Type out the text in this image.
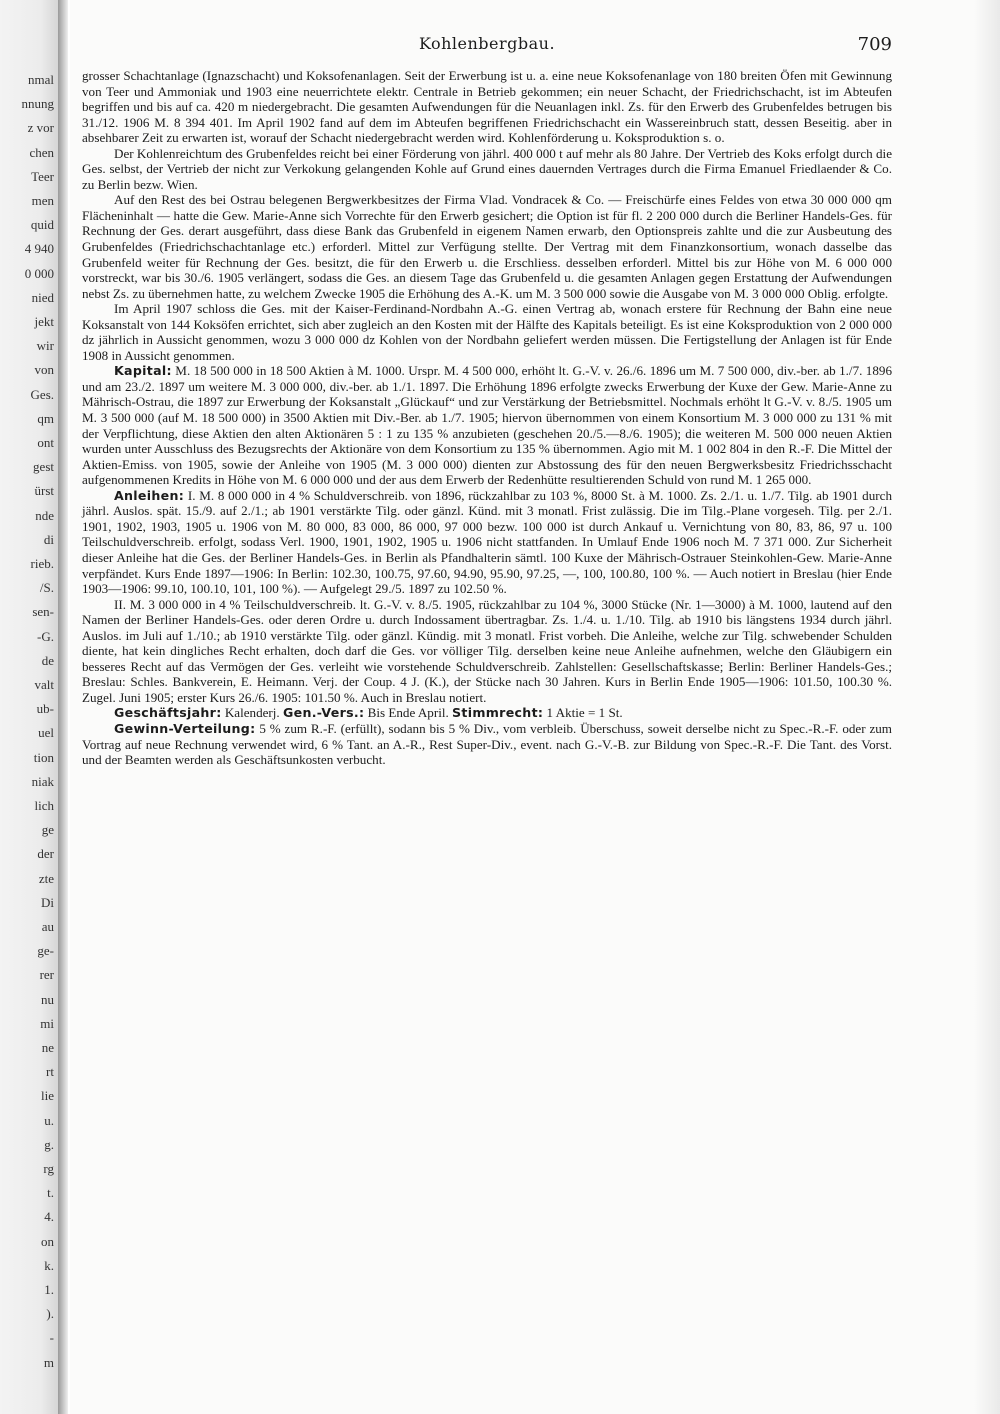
nmal
nnung
z vor
chen
Teer
men
quid
4 940
0 000
nied
jekt
wir
von
Ges.
qm
ont
gest
ürst
nde
di
rieb.
/S.
sen-
-G.
de
valt
ub-
uel
tion
niak
lich
ge
der
zte
Di
au
ge-
rer
nu
mi
ne
rt
lie
u.
g.
rg
t.
4.
on
k.
1.
).
-
m
Kohlenbergbau.	709

grosser Schachtanlage (Ignazschacht) und Koksofenanlagen. Seit der Erwerbung ist u. a. eine neue Koksofenanlage von 180 breiten Öfen mit Gewinnung von Teer und Ammoniak und 1903 eine neuerrichtete elektr. Centrale in Betrieb gekommen; ein neuer Schacht, der Friedrichschacht, ist im Abteufen begriffen und bis auf ca. 420 m niedergebracht. Die gesamten Aufwendungen für die Neuanlagen inkl. Zs. für den Erwerb des Grubenfeldes betrugen bis 31./12. 1906 M. 8 394 401. Im April 1902 fand auf dem im Abteufen begriffenen Friedrichschacht ein Wassereinbruch statt, dessen Beseitig. aber in absehbarer Zeit zu erwarten ist, worauf der Schacht niedergebracht werden wird. Kohlenförderung u. Koksproduktion s. o.

Der Kohlenreichtum des Grubenfeldes reicht bei einer Förderung von jährl. 400 000 t auf mehr als 80 Jahre. Der Vertrieb des Koks erfolgt durch die Ges. selbst, der Vertrieb der nicht zur Verkokung gelangenden Kohle auf Grund eines dauernden Vertrages durch die Firma Emanuel Friedlaender & Co. zu Berlin bezw. Wien.

Auf den Rest des bei Ostrau belegenen Bergwerkbesitzes der Firma Vlad. Vondracek & Co. — Freischürfe eines Feldes von etwa 30 000 000 qm Flächeninhalt — hatte die Gew. Marie-Anne sich Vorrechte für den Erwerb gesichert; die Option ist für fl. 2 200 000 durch die Berliner Handels-Ges. für Rechnung der Ges. derart ausgeführt, dass diese Bank das Grubenfeld in eigenem Namen erwarb, den Optionspreis zahlte und die zur Ausbeutung des Grubenfeldes (Friedrichschachtanlage etc.) erforderl. Mittel zur Verfügung stellte. Der Vertrag mit dem Finanzkonsortium, wonach dasselbe das Grubenfeld weiter für Rechnung der Ges. besitzt, die für den Erwerb u. die Erschliess. desselben erforderl. Mittel bis zur Höhe von M. 6 000 000 vorstreckt, war bis 30./6. 1905 verlängert, sodass die Ges. an diesem Tage das Grubenfeld u. die gesamten Anlagen gegen Erstattung der Aufwendungen nebst Zs. zu übernehmen hatte, zu welchem Zwecke 1905 die Erhöhung des A.-K. um M. 3 500 000 sowie die Ausgabe von M. 3 000 000 Oblig. erfolgte.

Im April 1907 schloss die Ges. mit der Kaiser-Ferdinand-Nordbahn A.-G. einen Vertrag ab, wonach erstere für Rechnung der Bahn eine neue Koksanstalt von 144 Koksöfen errichtet, sich aber zugleich an den Kosten mit der Hälfte des Kapitals beteiligt. Es ist eine Koksproduktion von 2 000 000 dz jährlich in Aussicht genommen, wozu 3 000 000 dz Kohlen von der Nordbahn geliefert werden müssen. Die Fertigstellung der Anlagen ist für Ende 1908 in Aussicht genommen.

Kapital: M. 18 500 000 in 18 500 Aktien à M. 1000. Urspr. M. 4 500 000, erhöht lt. G.-V. v. 26./6. 1896 um M. 7 500 000, div.-ber. ab 1./7. 1896 und am 23./2. 1897 um weitere M. 3 000 000, div.-ber. ab 1./1. 1897. Die Erhöhung 1896 erfolgte zwecks Erwerbung der Kuxe der Gew. Marie-Anne zu Mährisch-Ostrau, die 1897 zur Erwerbung der Koksanstalt „Glückauf“ und zur Verstärkung der Betriebsmittel. Nochmals erhöht lt G.-V. v. 8./5. 1905 um M. 3 500 000 (auf M. 18 500 000) in 3500 Aktien mit Div.-Ber. ab 1./7. 1905; hiervon übernommen von einem Konsortium M. 3 000 000 zu 131 % mit der Verpflichtung, diese Aktien den alten Aktionären 5 : 1 zu 135 % anzubieten (geschehen 20./5.—8./6. 1905); die weiteren M. 500 000 neuen Aktien wurden unter Ausschluss des Bezugsrechts der Aktionäre von dem Konsortium zu 135 % übernommen. Agio mit M. 1 002 804 in den R.-F. Die Mittel der Aktien-Emiss. von 1905, sowie der Anleihe von 1905 (M. 3 000 000) dienten zur Abstossung des für den neuen Bergwerksbesitz Friedrichsschacht aufgenommenen Kredits in Höhe von M. 6 000 000 und der aus dem Erwerb der Redenhütte resultierenden Schuld von rund M. 1 265 000.

Anleihen: I. M. 8 000 000 in 4 % Schuldverschreib. von 1896, rückzahlbar zu 103 %, 8000 St. à M. 1000. Zs. 2./1. u. 1./7. Tilg. ab 1901 durch jährl. Auslos. spät. 15./9. auf 2./1.; ab 1901 verstärkte Tilg. oder gänzl. Künd. mit 3 monatl. Frist zulässig. Die im Tilg.-Plane vorgeseh. Tilg. per 2./1. 1901, 1902, 1903, 1905 u. 1906 von M. 80 000, 83 000, 86 000, 97 000 bezw. 100 000 ist durch Ankauf u. Vernichtung von 80, 83, 86, 97 u. 100 Teilschuldverschreib. erfolgt, sodass Verl. 1900, 1901, 1902, 1905 u. 1906 nicht stattfanden. In Umlauf Ende 1906 noch M. 7 371 000. Zur Sicherheit dieser Anleihe hat die Ges. der Berliner Handels-Ges. in Berlin als Pfandhalterin sämtl. 100 Kuxe der Mährisch-Ostrauer Steinkohlen-Gew. Marie-Anne verpfändet. Kurs Ende 1897—1906: In Berlin: 102.30, 100.75, 97.60, 94.90, 95.90, 97.25, —, 100, 100.80, 100 %. — Auch notiert in Breslau (hier Ende 1903—1906: 99.10, 100.10, 101, 100 %). — Aufgelegt 29./5. 1897 zu 102.50 %.

II. M. 3 000 000 in 4 % Teilschuldverschreib. lt. G.-V. v. 8./5. 1905, rückzahlbar zu 104 %, 3000 Stücke (Nr. 1—3000) à M. 1000, lautend auf den Namen der Berliner Handels-Ges. oder deren Ordre u. durch Indossament übertragbar. Zs. 1./4. u. 1./10. Tilg. ab 1910 bis längstens 1934 durch jährl. Auslos. im Juli auf 1./10.; ab 1910 verstärkte Tilg. oder gänzl. Kündig. mit 3 monatl. Frist vorbeh. Die Anleihe, welche zur Tilg. schwebender Schulden diente, hat kein dingliches Recht erhalten, doch darf die Ges. vor völliger Tilg. derselben keine neue Anleihe aufnehmen, welche den Gläubigern ein besseres Recht auf das Vermögen der Ges. verleiht wie vorstehende Schuldverschreib. Zahlstellen: Gesellschaftskasse; Berlin: Berliner Handels-Ges.; Breslau: Schles. Bankverein, E. Heimann. Verj. der Coup. 4 J. (K.), der Stücke nach 30 Jahren. Kurs in Berlin Ende 1905—1906: 101.50, 100.30 %. Zugel. Juni 1905; erster Kurs 26./6. 1905: 101.50 %. Auch in Breslau notiert.

Geschäftsjahr: Kalenderj. Gen.-Vers.: Bis Ende April. Stimmrecht: 1 Aktie = 1 St.

Gewinn-Verteilung: 5 % zum R.-F. (erfüllt), sodann bis 5 % Div., vom verbleib. Überschuss, soweit derselbe nicht zu Spec.-R.-F. oder zum Vortrag auf neue Rechnung verwendet wird, 6 % Tant. an A.-R., Rest Super-Div., event. nach G.-V.-B. zur Bildung von Spec.-R.-F. Die Tant. des Vorst. und der Beamten werden als Geschäftsunkosten verbucht.
